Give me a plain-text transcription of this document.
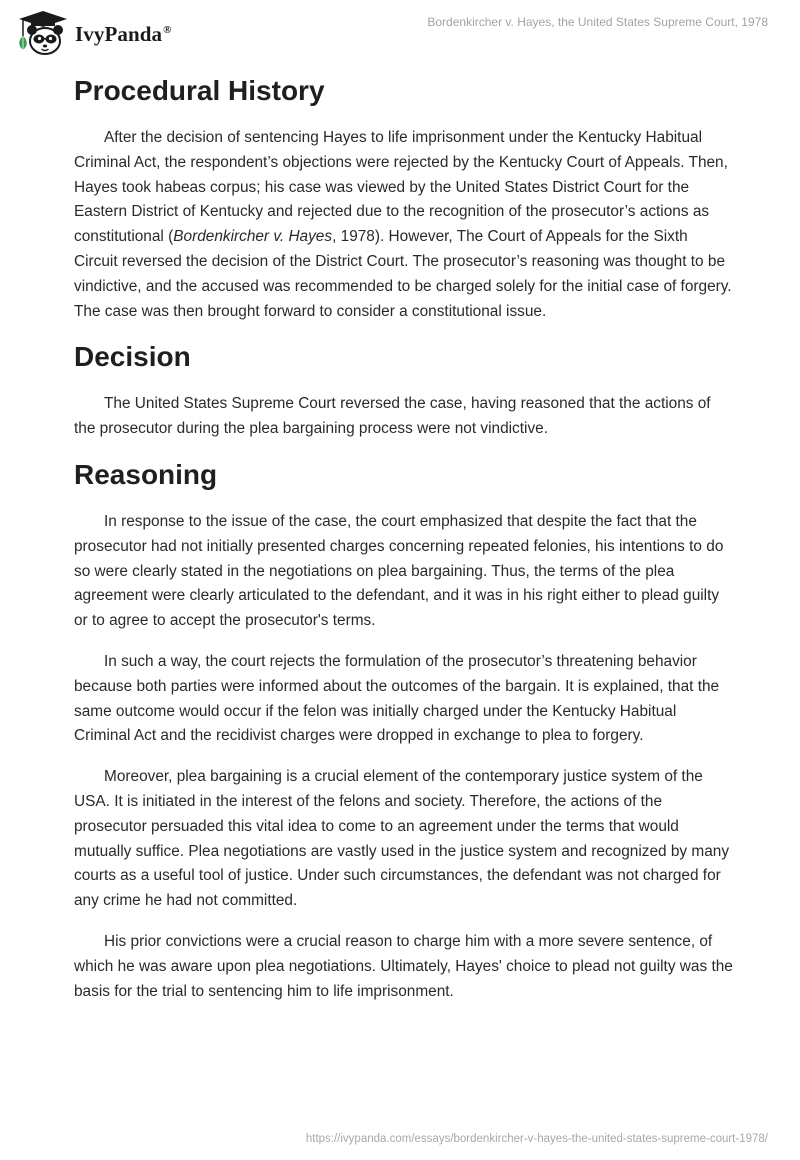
IvyPanda®
Bordenkircher v. Hayes, the United States Supreme Court, 1978
Procedural History

After the decision of sentencing Hayes to life imprisonment under the Kentucky Habitual Criminal Act, the respondent’s objections were rejected by the Kentucky Court of Appeals. Then, Hayes took habeas corpus; his case was viewed by the United States District Court for the Eastern District of Kentucky and rejected due to the recognition of the prosecutor’s actions as constitutional (Bordenkircher v. Hayes, 1978). However, The Court of Appeals for the Sixth Circuit reversed the decision of the District Court. The prosecutor’s reasoning was thought to be vindictive, and the accused was recommended to be charged solely for the initial case of forgery. The case was then brought forward to consider a constitutional issue.

Decision

The United States Supreme Court reversed the case, having reasoned that the actions of the prosecutor during the plea bargaining process were not vindictive.

Reasoning

In response to the issue of the case, the court emphasized that despite the fact that the prosecutor had not initially presented charges concerning repeated felonies, his intentions to do so were clearly stated in the negotiations on plea bargaining. Thus, the terms of the plea agreement were clearly articulated to the defendant, and it was in his right either to plead guilty or to agree to accept the prosecutor's terms.

In such a way, the court rejects the formulation of the prosecutor’s threatening behavior because both parties were informed about the outcomes of the bargain. It is explained, that the same outcome would occur if the felon was initially charged under the Kentucky Habitual Criminal Act and the recidivist charges were dropped in exchange to plea to forgery.

Moreover, plea bargaining is a crucial element of the contemporary justice system of the USA. It is initiated in the interest of the felons and society. Therefore, the actions of the prosecutor persuaded this vital idea to come to an agreement under the terms that would mutually suffice. Plea negotiations are vastly used in the justice system and recognized by many courts as a useful tool of justice. Under such circumstances, the defendant was not charged for any crime he had not committed.

His prior convictions were a crucial reason to charge him with a more severe sentence, of which he was aware upon plea negotiations. Ultimately, Hayes' choice to plead not guilty was the basis for the trial to sentencing him to life imprisonment.

https://ivypanda.com/essays/bordenkircher-v-hayes-the-united-states-supreme-court-1978/
